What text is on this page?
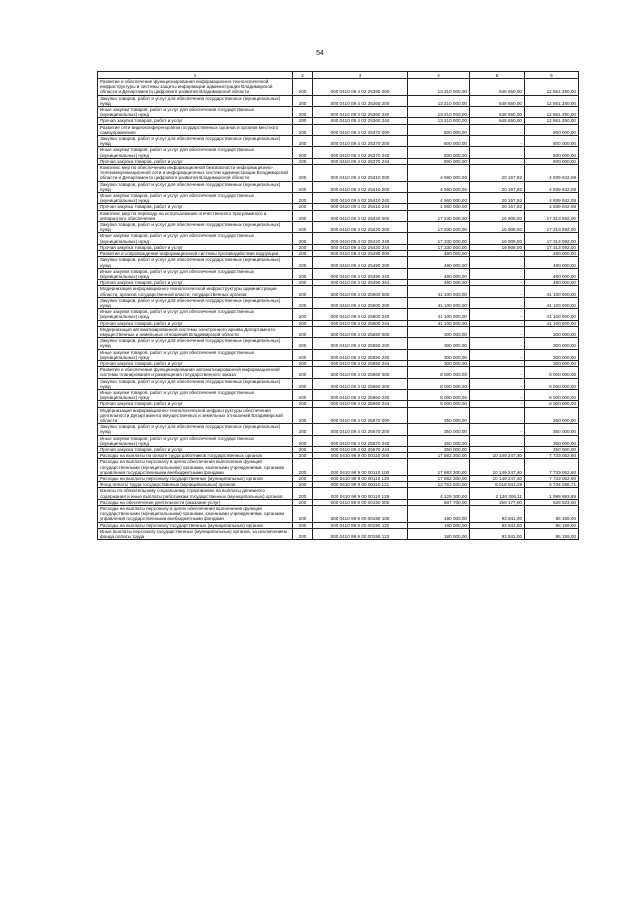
54
1	2	3	4	5	6
Развитие и обеспечение функционирования информационно-технологической инфраструктуры и системы защиты информации администрации Владимирской области и Департамента цифрового развития Владимирской области	200	000 0410 09 4 02 25360 000	13 210 000,00	648 650,00	12 561 350,00
Закупка товаров, работ и услуг для обеспечения государственных (муниципальных) нужд	200	000 0410 09 4 02 25360 200	13 210 000,00	648 650,00	12 561 350,00
Иные закупки товаров, работ и услуг для обеспечения государственных (муниципальных) нужд	200	000 0410 09 4 02 25360 240	13 210 000,00	648 650,00	12 561 350,00
Прочая закупка товаров, работ и услуг	200	000 0410 09 4 02 25360 244	13 210 000,00	648 650,00	12 561 350,00
Развитие сети видеоконференцсвязи государственных органов и органов местного самоуправления	200	000 0410 09 4 02 25370 000	800 000,00	-	800 000,00
Закупка товаров, работ и услуг для обеспечения государственных (муниципальных) нужд	200	000 0410 09 4 02 25370 200	800 000,00	-	800 000,00
Иные закупки товаров, работ и услуг для обеспечения государственных (муниципальных) нужд	200	000 0410 09 4 02 25370 240	800 000,00	-	800 000,00
Прочая закупка товаров, работ и услуг	200	000 0410 09 4 02 25370 244	800 000,00	-	800 000,00
Комплекс мер по обеспечению информационной безопасности информационно-телекоммуникационной сети и информационных систем администрации Владимирской области и Департамента цифрового развития Владимирской области	200	000 0410 09 4 02 25410 000	4 960 000,00	20 157,92	4 939 842,08
Закупка товаров, работ и услуг для обеспечения государственных (муниципальных) нужд	200	000 0410 09 4 02 25410 200	4 960 000,00	20 157,92	4 939 842,08
Иные закупки товаров, работ и услуг для обеспечения государственных (муниципальных) нужд	200	000 0410 09 4 02 25410 240	4 960 000,00	20 157,92	4 939 842,08
Прочая закупка товаров, работ и услуг	200	000 0410 09 4 02 25410 244	4 960 000,00	20 157,92	4 939 842,08
Комплекс мер по переходу на использование отечественного программного и аппаратного обеспечения	200	000 0410 09 4 02 25420 000	17 330 000,00	16 908,00	17 313 092,00
Закупка товаров, работ и услуг для обеспечения государственных (муниципальных) нужд	200	000 0410 09 4 02 25420 200	17 330 000,00	16 908,00	17 313 092,00
Иные закупки товаров, работ и услуг для обеспечения государственных (муниципальных) нужд	200	000 0410 09 4 02 25420 240	17 330 000,00	16 908,00	17 313 092,00
Прочая закупка товаров, работ и услуг	200	000 0410 09 4 02 25420 244	17 330 000,00	16 908,00	17 313 092,00
Развитие и сопровождение информационной системы противодействия коррупции	200	000 0410 09 4 02 25490 000	480 000,00	-	480 000,00
Закупка товаров, работ и услуг для обеспечения государственных (муниципальных) нужд	200	000 0410 09 4 02 25490 200	480 000,00	-	480 000,00
Иные закупки товаров, работ и услуг для обеспечения государственных (муниципальных) нужд	200	000 0410 09 4 02 25490 240	480 000,00	-	480 000,00
Прочая закупка товаров, работ и услуг	200	000 0410 09 4 02 25490 244	480 000,00	-	480 000,00
Модернизация информационно-технологической инфраструктуры администрации области, органов государственной власти, государственных органов	200	000 0410 09 4 02 25500 000	41 100 000,00	-	41 100 000,00
Закупка товаров, работ и услуг для обеспечения государственных (муниципальных) нужд	200	000 0410 09 4 02 25500 200	41 100 000,00	-	41 100 000,00
Иные закупки товаров, работ и услуг для обеспечения государственных (муниципальных) нужд	200	000 0410 09 4 02 25500 240	41 100 000,00	-	41 100 000,00
Прочая закупка товаров, работ и услуг	200	000 0410 09 4 02 25500 244	41 100 000,00	-	41 100 000,00
Модернизация автоматизированной системы электронного архива Департамента имущественных и земельных отношений Владимирской области	200	000 0410 09 4 02 25550 000	300 000,00	-	300 000,00
Закупка товаров, работ и услуг для обеспечения государственных (муниципальных) нужд	200	000 0410 09 4 02 25550 200	300 000,00	-	300 000,00
Иные закупки товаров, работ и услуг для обеспечения государственных (муниципальных) нужд	200	000 0410 09 4 02 25550 240	300 000,00	-	300 000,00
Прочая закупка товаров, работ и услуг	200	000 0410 09 4 02 25550 244	300 000,00	-	300 000,00
Развитие и обеспечение функционирования автоматизированной информационной системы планирования и размещения государственного заказа	200	000 0410 09 4 02 25560 000	8 000 000,00	-	8 000 000,00
Закупка товаров, работ и услуг для обеспечения государственных (муниципальных) нужд	200	000 0410 09 4 02 25560 200	8 000 000,00	-	8 000 000,00
Иные закупки товаров, работ и услуг для обеспечения государственных (муниципальных) нужд	200	000 0410 09 4 02 25560 240	8 000 000,00	-	8 000 000,00
Прочая закупка товаров, работ и услуг	200	000 0410 09 4 02 25560 244	8 000 000,00	-	8 000 000,00
Модернизация информационно-технологической инфраструктуры обеспечения деятельности Департамента имущественных и земельных отношений Владимирской области	200	000 0410 09 4 02 25570 000	350 000,00	-	350 000,00
Закупка товаров, работ и услуг для обеспечения государственных (муниципальных) нужд	200	000 0410 09 4 02 25570 200	350 000,00	-	350 000,00
Иные закупки товаров, работ и услуг для обеспечения государственных (муниципальных) нужд	200	000 0410 09 4 02 25570 240	350 000,00	-	350 000,00
Прочая закупка товаров, работ и услуг	200	000 0410 09 4 02 25570 244	350 000,00	-	350 000,00
Расходы на выплаты по оплате труда работников государственных органов	200	000 0410 99 9 00 00110 000	17 882 300,00	10 149 247,40	7 733 052,60
Расходы на выплаты персоналу в целях обеспечения выполнения функций государственными (муниципальными) органами, казенными учреждениями, органами управления государственными внебюджетными фондами	200	000 0410 99 9 00 00110 100	17 882 300,00	10 149 247,40	7 733 052,60
Расходы на выплаты персоналу государственных (муниципальных) органов	200	000 0410 99 9 00 00110 120	17 882 300,00	10 149 247,40	7 733 052,60
Фонд оплаты труда государственных (муниципальных) органов	200	000 0410 99 9 00 00110 121	13 753 000,00	8 018 941,29	5 734 058,71
Взносы по обязательному социальному страхованию на выплаты денежного содержания и иные выплаты работникам государственных (муниципальных) органов	200	000 0410 99 9 00 00110 129	4 129 300,00	2 130 306,11	1 998 993,89
Расходы на обеспечение деятельности (оказание услуг)	200	000 0410 99 9 00 00190 000	687 700,00	159 177,00	528 523,00
Расходы на выплаты персоналу в целях обеспечения выполнения функций государственными (муниципальными) органами, казенными учреждениями, органами управления государственными внебюджетными фондами	200	000 0410 99 9 00 00190 100	180 000,00	93 841,00	86 159,00
Расходы на выплаты персоналу государственных (муниципальных) органов	200	000 0410 99 9 00 00190 120	180 000,00	93 841,00	86 159,00
Иные выплаты персоналу государственных (муниципальных) органов, за исключением фонда оплаты труда	200	000 0410 99 9 00 00190 122	180 000,00	93 841,00	86 159,00
